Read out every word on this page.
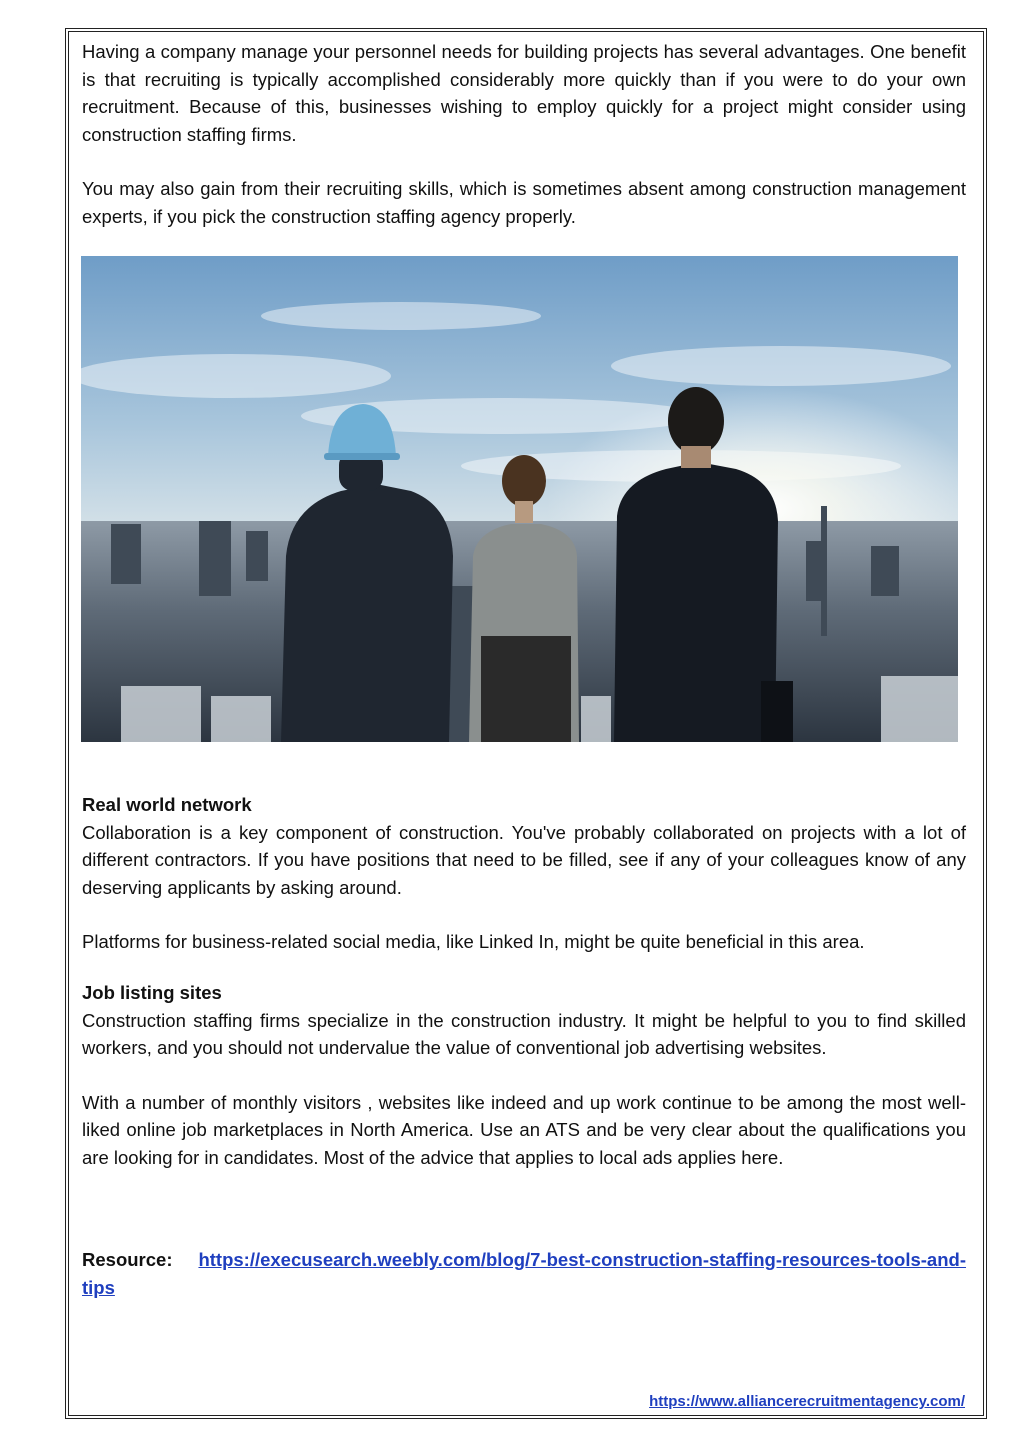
Having a company manage your personnel needs for building projects has several advantages. One benefit is that recruiting is typically accomplished considerably more quickly than if you were to do your own recruitment. Because of this, businesses wishing to employ quickly for a project might consider using construction staffing firms.

You may also gain from their recruiting skills, which is sometimes absent among construction management experts, if you pick the construction staffing agency properly.

Real world network

Collaboration is a key component of construction. You've probably collaborated on projects with a lot of different contractors. If you have positions that need to be filled, see if any of your colleagues know of any deserving applicants by asking around.

Platforms for business-related social media, like Linked In, might be quite beneficial in this area.

Job listing sites

Construction staffing firms specialize in the construction industry. It might be helpful to you to find skilled workers, and you should not undervalue the value of conventional job advertising websites.

With a number of monthly visitors , websites like indeed and up work continue to be among the most well-liked online job marketplaces in North America. Use an ATS and be very clear about the qualifications you are looking for in candidates. Most of the advice that applies to local ads applies here.

Resource: https://execusearch.weebly.com/blog/7-best-construction-staffing-resources-tools-and-tips
https://www.alliancerecruitmentagency.com/
